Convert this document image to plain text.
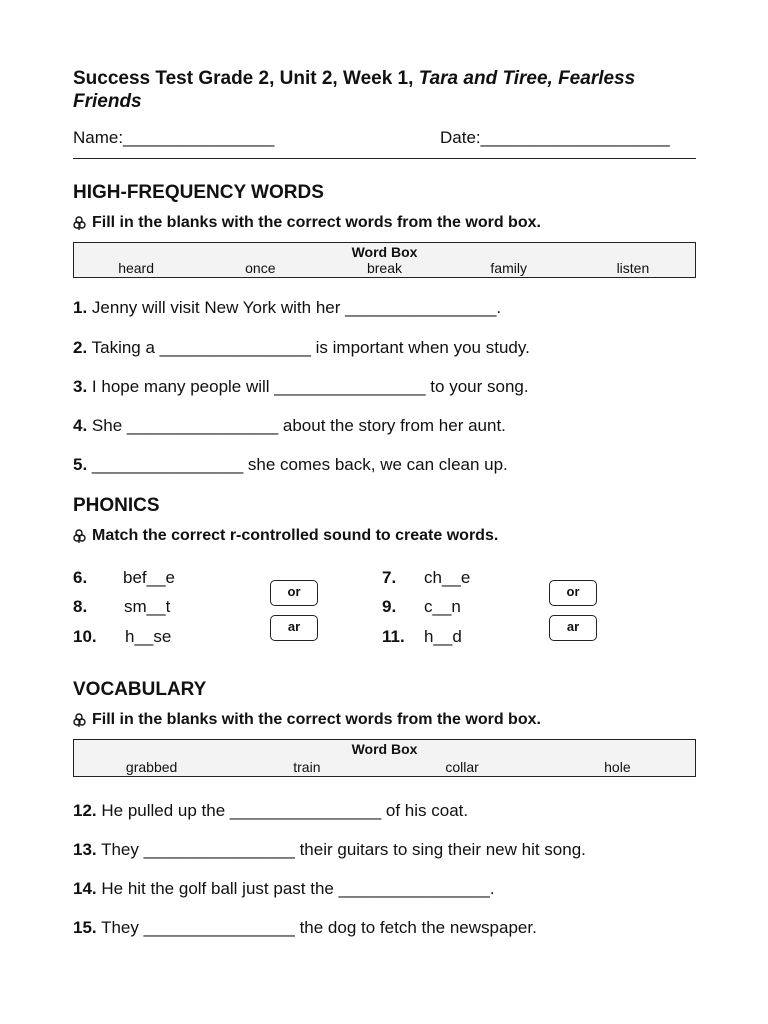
Success Test Grade 2, Unit 2, Week 1, Tara and Tiree, Fearless Friends
Name:________________	Date:____________________
HIGH-FREQUENCY WORDS
Fill in the blanks with the correct words from the word box.
Word Box
heard	once	break	family	listen
1. Jenny will visit New York with her ________________.
2. Taking a ________________ is important when you study.
3. I hope many people will ________________ to your song.
4. She ________________ about the story from her aunt.
5. ________________ she comes back, we can clean up.
PHONICS
Match the correct r-controlled sound to create words.
6. bef__e
8. sm__t
10. h__se
or
ar
7. ch__e
9. c__n
11. h__d
or
ar
VOCABULARY
Fill in the blanks with the correct words from the word box.
Word Box
grabbed	train	collar	hole
12. He pulled up the ________________ of his coat.
13. They ________________ their guitars to sing their new hit song.
14. He hit the golf ball just past the ________________.
15. They ________________ the dog to fetch the newspaper.
